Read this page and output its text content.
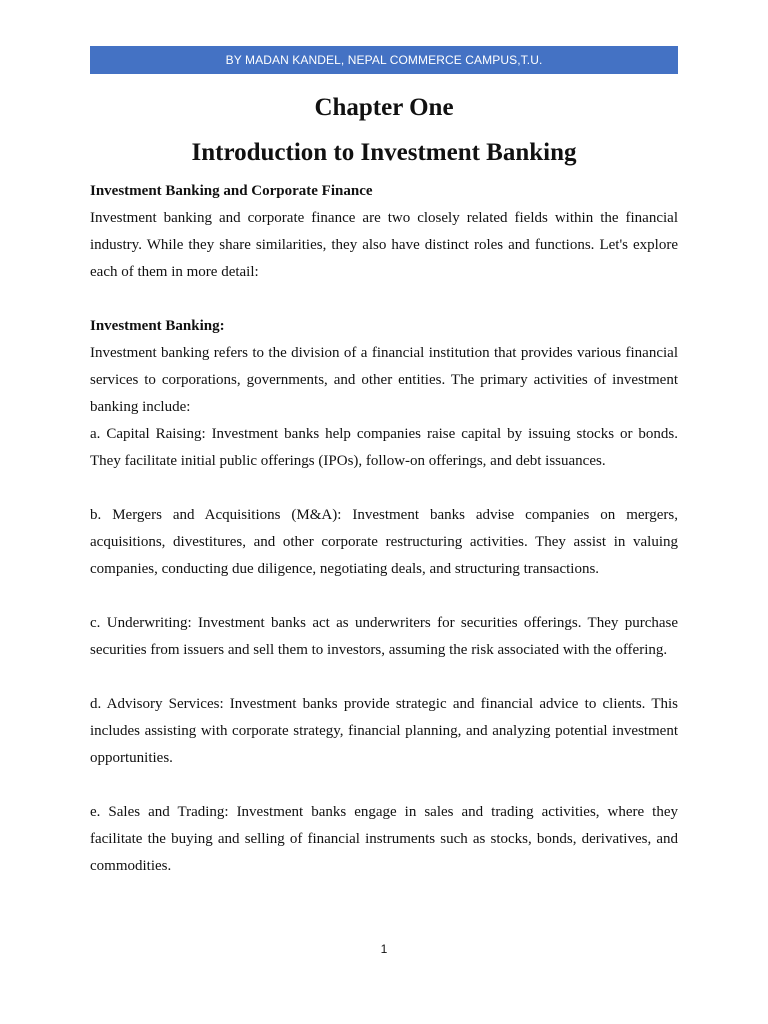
BY MADAN KANDEL, NEPAL COMMERCE CAMPUS,T.U.
Chapter One
Introduction to Investment Banking

Investment Banking and Corporate Finance

Investment banking and corporate finance are two closely related fields within the financial industry. While they share similarities, they also have distinct roles and functions. Let's explore each of them in more detail:

Investment Banking:

Investment banking refers to the division of a financial institution that provides various financial services to corporations, governments, and other entities. The primary activities of investment banking include:

a. Capital Raising: Investment banks help companies raise capital by issuing stocks or bonds. They facilitate initial public offerings (IPOs), follow-on offerings, and debt issuances.

b. Mergers and Acquisitions (M&A): Investment banks advise companies on mergers, acquisitions, divestitures, and other corporate restructuring activities. They assist in valuing companies, conducting due diligence, negotiating deals, and structuring transactions.

c. Underwriting: Investment banks act as underwriters for securities offerings. They purchase securities from issuers and sell them to investors, assuming the risk associated with the offering.

d. Advisory Services: Investment banks provide strategic and financial advice to clients. This includes assisting with corporate strategy, financial planning, and analyzing potential investment opportunities.

e. Sales and Trading: Investment banks engage in sales and trading activities, where they facilitate the buying and selling of financial instruments such as stocks, bonds, derivatives, and commodities.

1
